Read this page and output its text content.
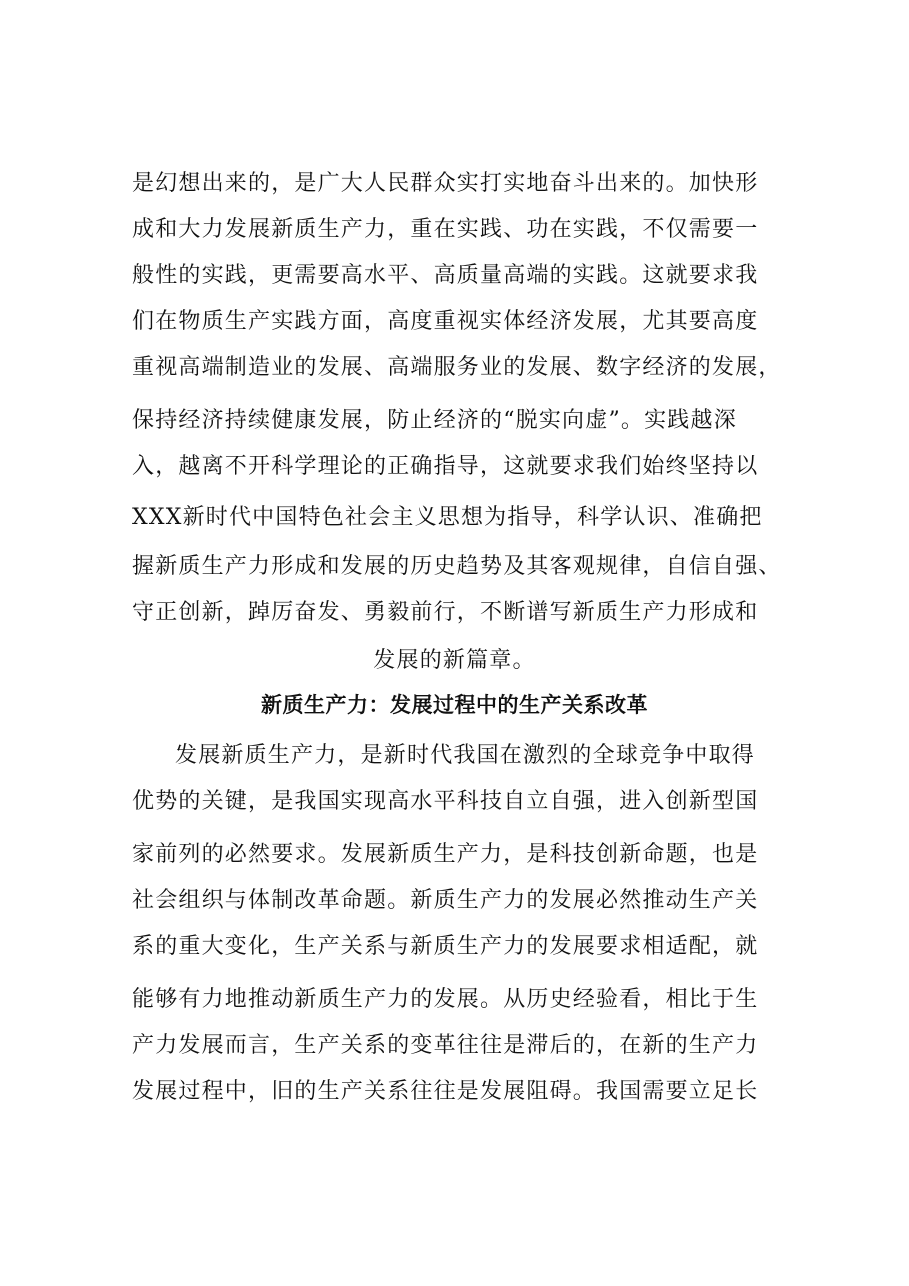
是幻想出来的，是广大人民群众实打实地奋斗出来的。加快形
成和大力发展新质生产力，重在实践、功在实践，不仅需要一
般性的实践，更需要高水平、高质量高端的实践。这就要求我
们在物质生产实践方面，高度重视实体经济发展，尤其要高度
重视高端制造业的发展、高端服务业的发展、数字经济的发展，
保持经济持续健康发展，防止经济的“脱实向虚”。实践越深
入，越离不开科学理论的正确指导，这就要求我们始终坚持以
XXX新时代中国特色社会主义思想为指导，科学认识、准确把
握新质生产力形成和发展的历史趋势及其客观规律，自信自强、
守正创新，踔厉奋发、勇毅前行，不断谱写新质生产力形成和
发展的新篇章。
新质生产力：发展过程中的生产关系改革
发展新质生产力，是新时代我国在激烈的全球竞争中取得
优势的关键，是我国实现高水平科技自立自强，进入创新型国
家前列的必然要求。发展新质生产力，是科技创新命题，也是
社会组织与体制改革命题。新质生产力的发展必然推动生产关
系的重大变化，生产关系与新质生产力的发展要求相适配，就
能够有力地推动新质生产力的发展。从历史经验看，相比于生
产力发展而言，生产关系的变革往往是滞后的，在新的生产力
发展过程中，旧的生产关系往往是发展阻碍。我国需要立足长
